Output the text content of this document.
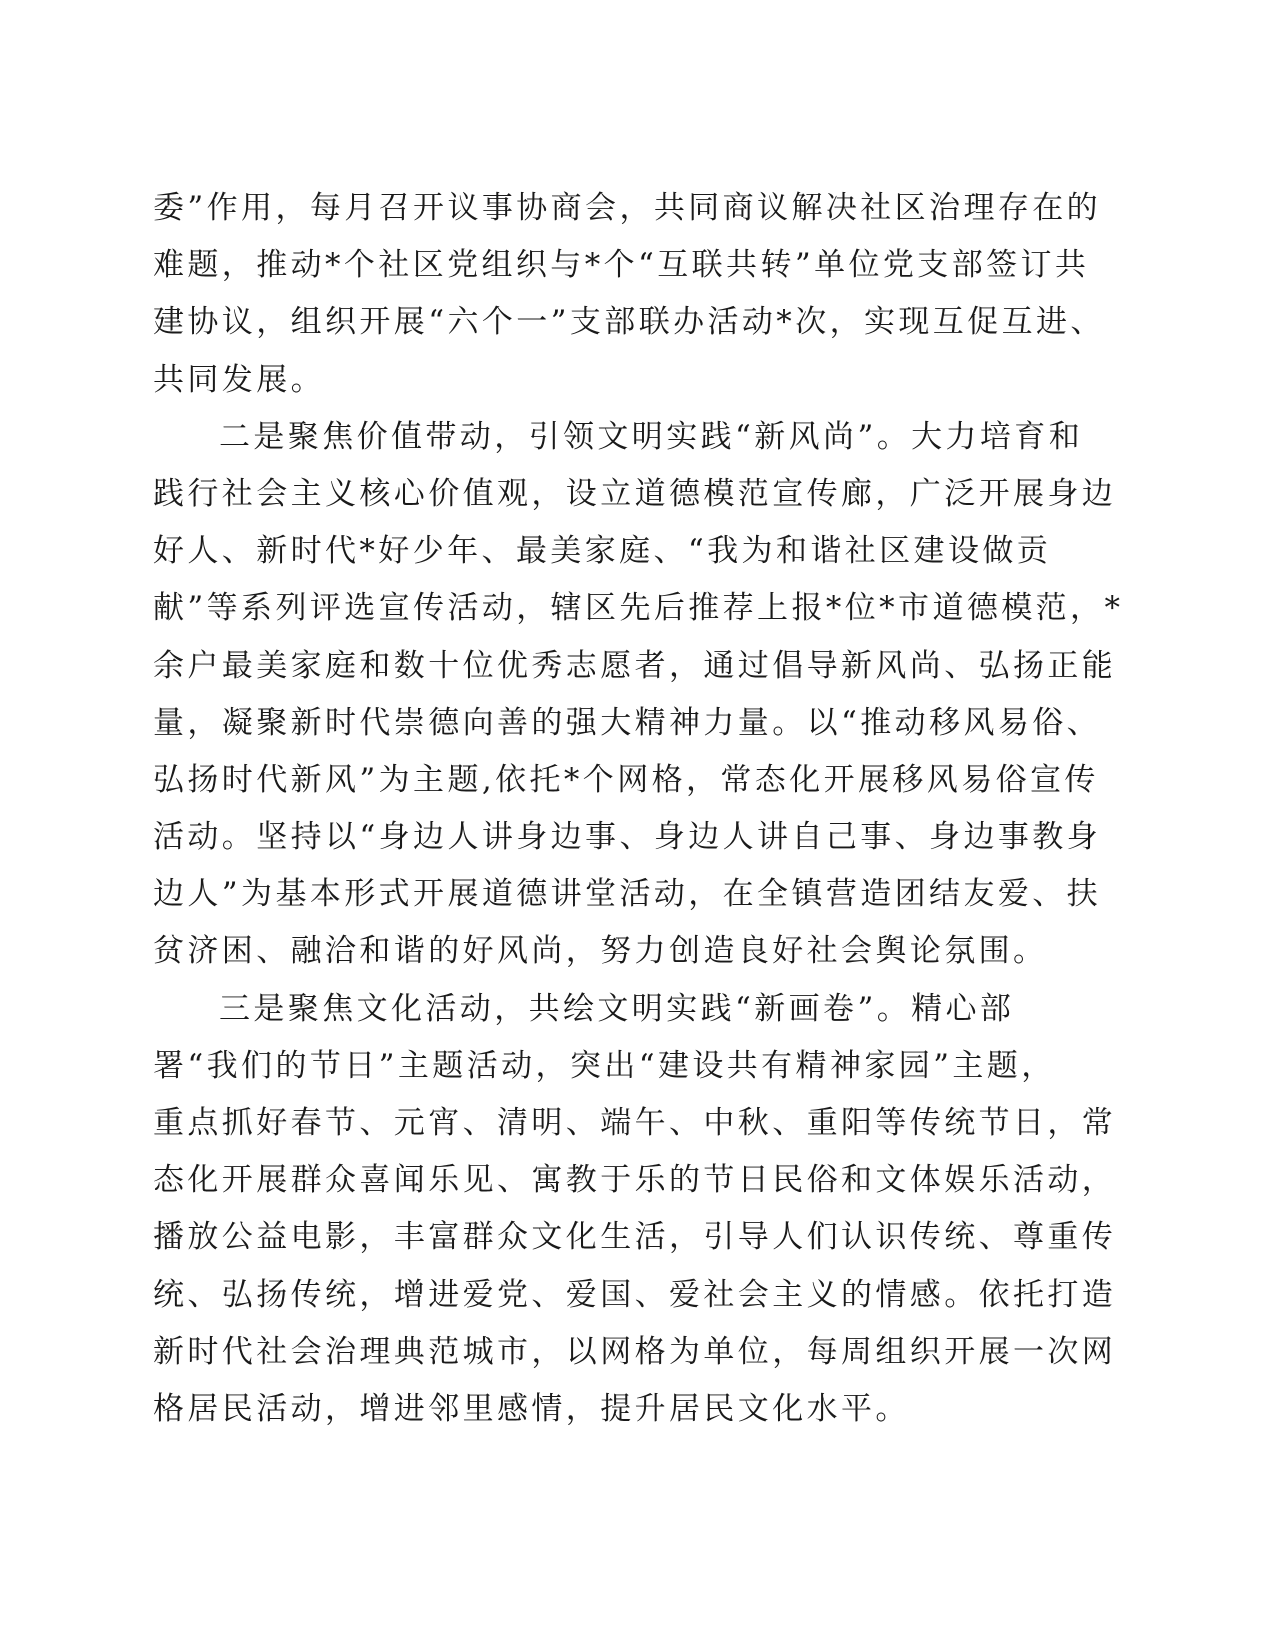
委”作用，每月召开议事协商会，共同商议解决社区治理存在的
难题，推动*个社区党组织与*个“互联共转”单位党支部签订共
建协议，组织开展“六个一”支部联办活动*次，实现互促互进、
共同发展。
二是聚焦价值带动，引领文明实践“新风尚”。大力培育和
践行社会主义核心价值观，设立道德模范宣传廊，广泛开展身边
好人、新时代*好少年、最美家庭、“我为和谐社区建设做贡
献”等系列评选宣传活动，辖区先后推荐上报*位*市道德模范，*
余户最美家庭和数十位优秀志愿者，通过倡导新风尚、弘扬正能
量，凝聚新时代崇德向善的强大精神力量。以“推动移风易俗、
弘扬时代新风”为主题,依托*个网格，常态化开展移风易俗宣传
活动。坚持以“身边人讲身边事、身边人讲自己事、身边事教身
边人”为基本形式开展道德讲堂活动，在全镇营造团结友爱、扶
贫济困、融洽和谐的好风尚，努力创造良好社会舆论氛围。
三是聚焦文化活动，共绘文明实践“新画卷”。精心部
署“我们的节日”主题活动，突出“建设共有精神家园”主题，
重点抓好春节、元宵、清明、端午、中秋、重阳等传统节日，常
态化开展群众喜闻乐见、寓教于乐的节日民俗和文体娱乐活动，
播放公益电影，丰富群众文化生活，引导人们认识传统、尊重传
统、弘扬传统，增进爱党、爱国、爱社会主义的情感。依托打造
新时代社会治理典范城市，以网格为单位，每周组织开展一次网
格居民活动，增进邻里感情，提升居民文化水平。
